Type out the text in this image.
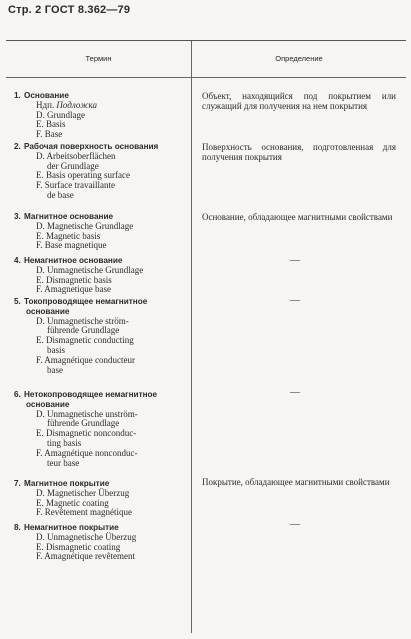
Стр. 2 ГОСТ 8.362—79
Термин	Определение
1. Основание
Ндп. Подложка
D. Grundlage
E. Basis
F. Base
Объект, находящийся под покрытием или служащий для получения на нем покрытия
2. Рабочая поверхность основания
D. Arbeitsoberflächen
der Grundlage
E. Basis operating surface
F. Surface travaillante
de base
Поверхность основания, подготовленная для получения покрытия
3. Магнитное основание
D. Magnetische Grundlage
E. Magnetic basis
F. Base magnetique
Основание, обладающее магнитными свойствами
4. Немагнитное основание
D. Unmagnetische Grundlage
E. Dismagnetic basis
F. Amagnetique base
—
5. Токопроводящее немагнитное основание
D. Unmagnetische ström-
führende Grundlage
E. Dismagnetic conducting
basis
F. Amagnétique conducteur
base
—
6. Нетокопроводящее немагнитное основание
D. Unmagnetische unström-
führende Grundlage
E. Dismagnetic nonconduc-
ting basis
F. Amagnétique nonconduc-
teur base
—
7. Магнитное покрытие
D. Magnetischer Überzug
E. Magnetic coating
F. Revêtement magnétique
Покрытие, обладающее магнитными свойствами
8. Немагнитное покрытие
D. Unmagnetische Überzug
E. Dismagnetic coating
F. Amagnétique revêtement
—
